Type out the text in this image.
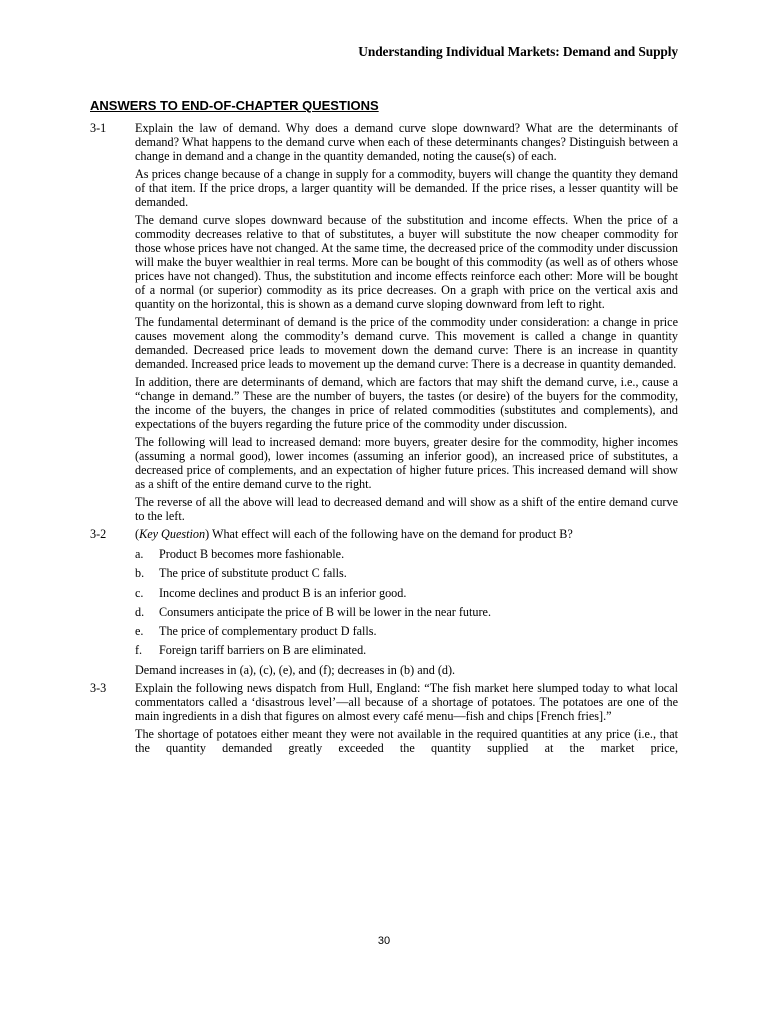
Understanding Individual Markets: Demand and Supply
ANSWERS TO END-OF-CHAPTER QUESTIONS
3-1 Explain the law of demand. Why does a demand curve slope downward? What are the determinants of demand? What happens to the demand curve when each of these determinants changes? Distinguish between a change in demand and a change in the quantity demanded, noting the cause(s) of each.

As prices change because of a change in supply for a commodity, buyers will change the quantity they demand of that item. If the price drops, a larger quantity will be demanded. If the price rises, a lesser quantity will be demanded.

The demand curve slopes downward because of the substitution and income effects. When the price of a commodity decreases relative to that of substitutes, a buyer will substitute the now cheaper commodity for those whose prices have not changed. At the same time, the decreased price of the commodity under discussion will make the buyer wealthier in real terms. More can be bought of this commodity (as well as of others whose prices have not changed). Thus, the substitution and income effects reinforce each other: More will be bought of a normal (or superior) commodity as its price decreases. On a graph with price on the vertical axis and quantity on the horizontal, this is shown as a demand curve sloping downward from left to right.

The fundamental determinant of demand is the price of the commodity under consideration: a change in price causes movement along the commodity’s demand curve. This movement is called a change in quantity demanded. Decreased price leads to movement down the demand curve: There is an increase in quantity demanded. Increased price leads to movement up the demand curve: There is a decrease in quantity demanded.

In addition, there are determinants of demand, which are factors that may shift the demand curve, i.e., cause a “change in demand.” These are the number of buyers, the tastes (or desire) of the buyers for the commodity, the income of the buyers, the changes in price of related commodities (substitutes and complements), and expectations of the buyers regarding the future price of the commodity under discussion.

The following will lead to increased demand: more buyers, greater desire for the commodity, higher incomes (assuming a normal good), lower incomes (assuming an inferior good), an increased price of substitutes, a decreased price of complements, and an expectation of higher future prices. This increased demand will show as a shift of the entire demand curve to the right.

The reverse of all the above will lead to decreased demand and will show as a shift of the entire demand curve to the left.

3-2 (Key Question) What effect will each of the following have on the demand for product B?

a. Product B becomes more fashionable.
b. The price of substitute product C falls.
c. Income declines and product B is an inferior good.
d. Consumers anticipate the price of B will be lower in the near future.
e. The price of complementary product D falls.
f. Foreign tariff barriers on B are eliminated.

Demand increases in (a), (c), (e), and (f); decreases in (b) and (d).

3-3 Explain the following news dispatch from Hull, England: “The fish market here slumped today to what local commentators called a ‘disastrous level’—all because of a shortage of potatoes. The potatoes are one of the main ingredients in a dish that figures on almost every café menu—fish and chips [French fries].”

The shortage of potatoes either meant they were not available in the required quantities at any price (i.e., that the quantity demanded greatly exceeded the quantity supplied at the market price,

30
